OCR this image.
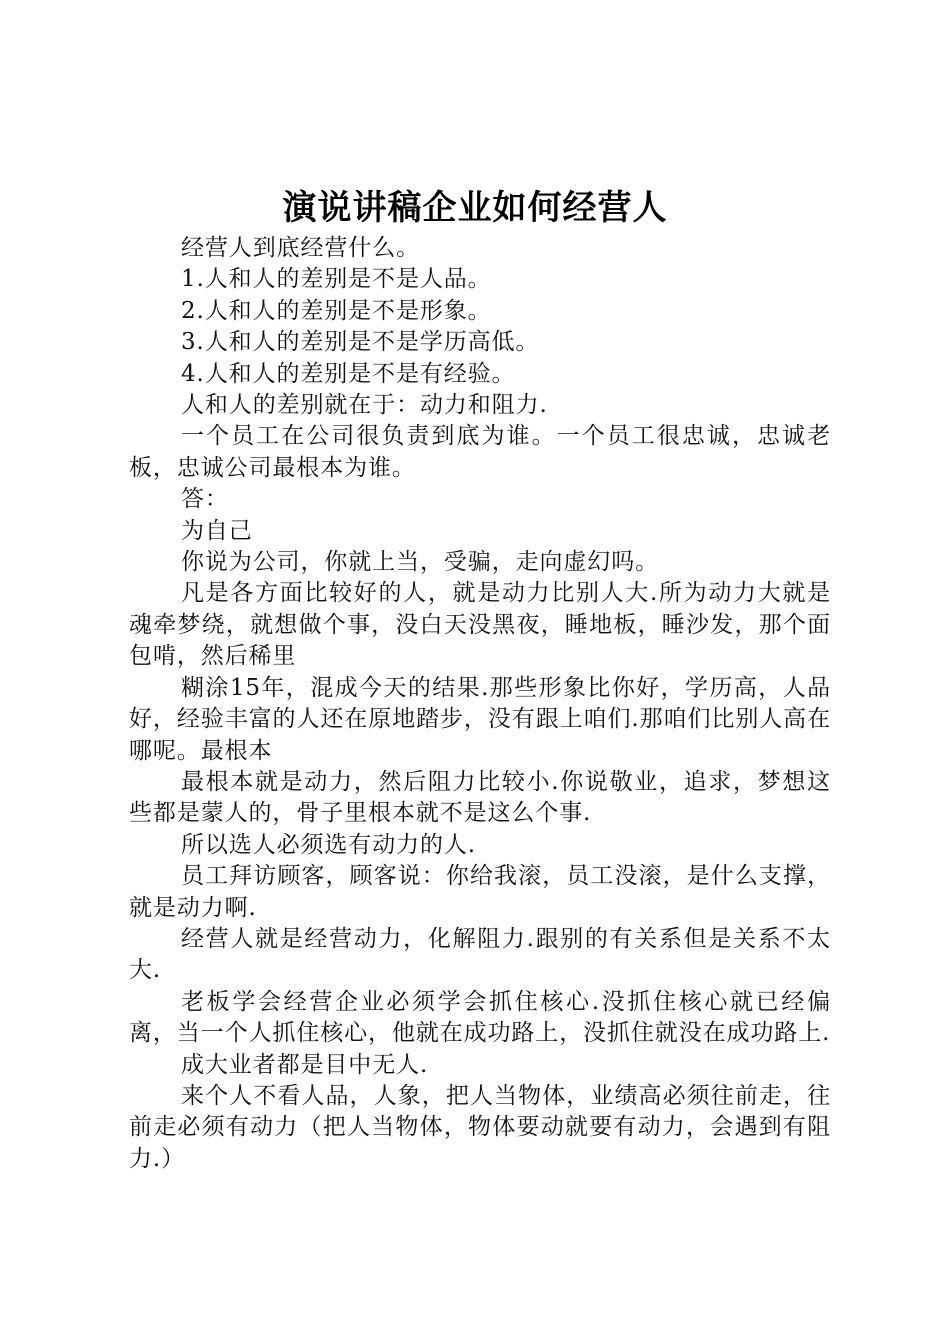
演说讲稿企业如何经营人

经营人到底经营什么。

1.人和人的差别是不是人品。

2.人和人的差别是不是形象。

3.人和人的差别是不是学历高低。

4.人和人的差别是不是有经验。

人和人的差别就在于：动力和阻力.

一个员工在公司很负责到底为谁。一个员工很忠诚，忠诚老板，忠诚公司最根本为谁。

答：

为自己

你说为公司，你就上当，受骗，走向虚幻吗。

凡是各方面比较好的人，就是动力比别人大.所为动力大就是魂牵梦绕，就想做个事，没白天没黑夜，睡地板，睡沙发，那个面包啃，然后稀里

糊涂15年，混成今天的结果.那些形象比你好，学历高，人品好，经验丰富的人还在原地踏步，没有跟上咱们.那咱们比别人高在哪呢。最根本

最根本就是动力，然后阻力比较小.你说敬业，追求，梦想这些都是蒙人的，骨子里根本就不是这么个事.

所以选人必须选有动力的人.

员工拜访顾客，顾客说：你给我滚，员工没滚，是什么支撑，就是动力啊.

经营人就是经营动力，化解阻力.跟别的有关系但是关系不太大.

老板学会经营企业必须学会抓住核心.没抓住核心就已经偏离，当一个人抓住核心，他就在成功路上，没抓住就没在成功路上.

成大业者都是目中无人.

来个人不看人品，人象，把人当物体，业绩高必须往前走，往前走必须有动力（把人当物体，物体要动就要有动力，会遇到有阻力.）
